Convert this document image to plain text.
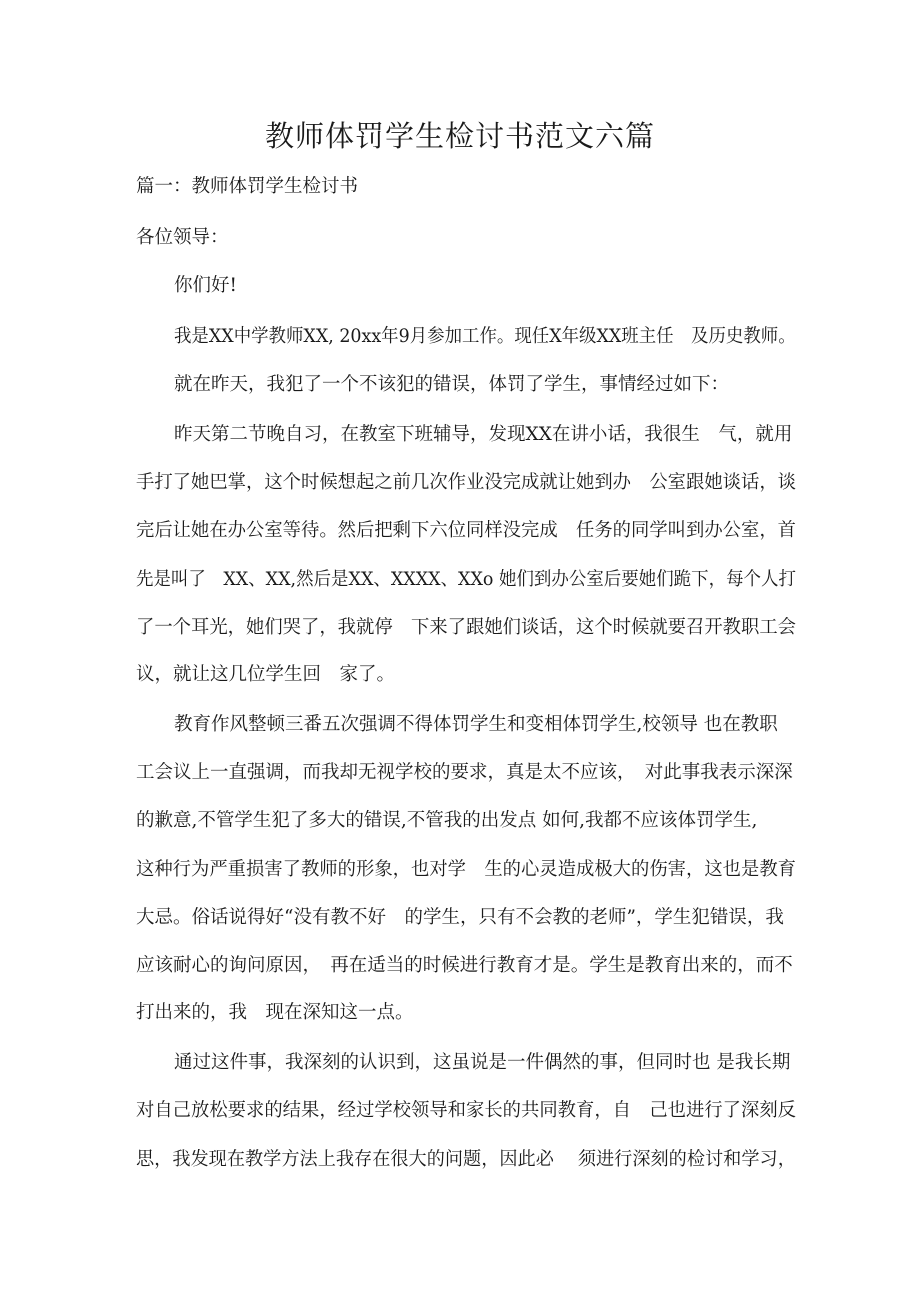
教师体罚学生检讨书范文六篇
篇一：教师体罚学生检讨书
各位领导：
你们好!
我是XX中学教师XX, 20xx年9月参加工作。现任X年级XX班主任　及历史教师。
就在昨天，我犯了一个不该犯的错误，体罚了学生，事情经过如下：
昨天第二节晚自习，在教室下班辅导，发现XX在讲小话，我很生　气，就用
手打了她巴掌，这个时候想起之前几次作业没完成就让她到办　公室跟她谈话，谈
完后让她在办公室等待。然后把剩下六位同样没完成　任务的同学叫到办公室，首
先是叫了　XX、XX,然后是XX、XXXX、XXo 她们到办公室后要她们跪下，每个人打
了一个耳光，她们哭了，我就停　下来了跟她们谈话，这个时候就要召开教职工会
议，就让这几位学生回　家了。
教育作风整顿三番五次强调不得体罚学生和变相体罚学生,校领导 也在教职
工会议上一直强调，而我却无视学校的要求，真是太不应该，　对此事我表示深深
的歉意,不管学生犯了多大的错误,不管我的出发点 如何,我都不应该体罚学生,
这种行为严重损害了教师的形象，也对学　生的心灵造成极大的伤害，这也是教育
大忌。俗话说得好“没有教不好　的学生，只有不会教的老师”，学生犯错误，我
应该耐心的询问原因，　再在适当的时候进行教育才是。学生是教育出来的，而不
打出来的，我　现在深知这一点。
通过这件事，我深刻的认识到，这虽说是一件偶然的事，但同时也 是我长期
对自己放松要求的结果，经过学校领导和家长的共同教育，自　己也进行了深刻反
思，我发现在教学方法上我存在很大的问题，因此必　 须进行深刻的检讨和学习，
